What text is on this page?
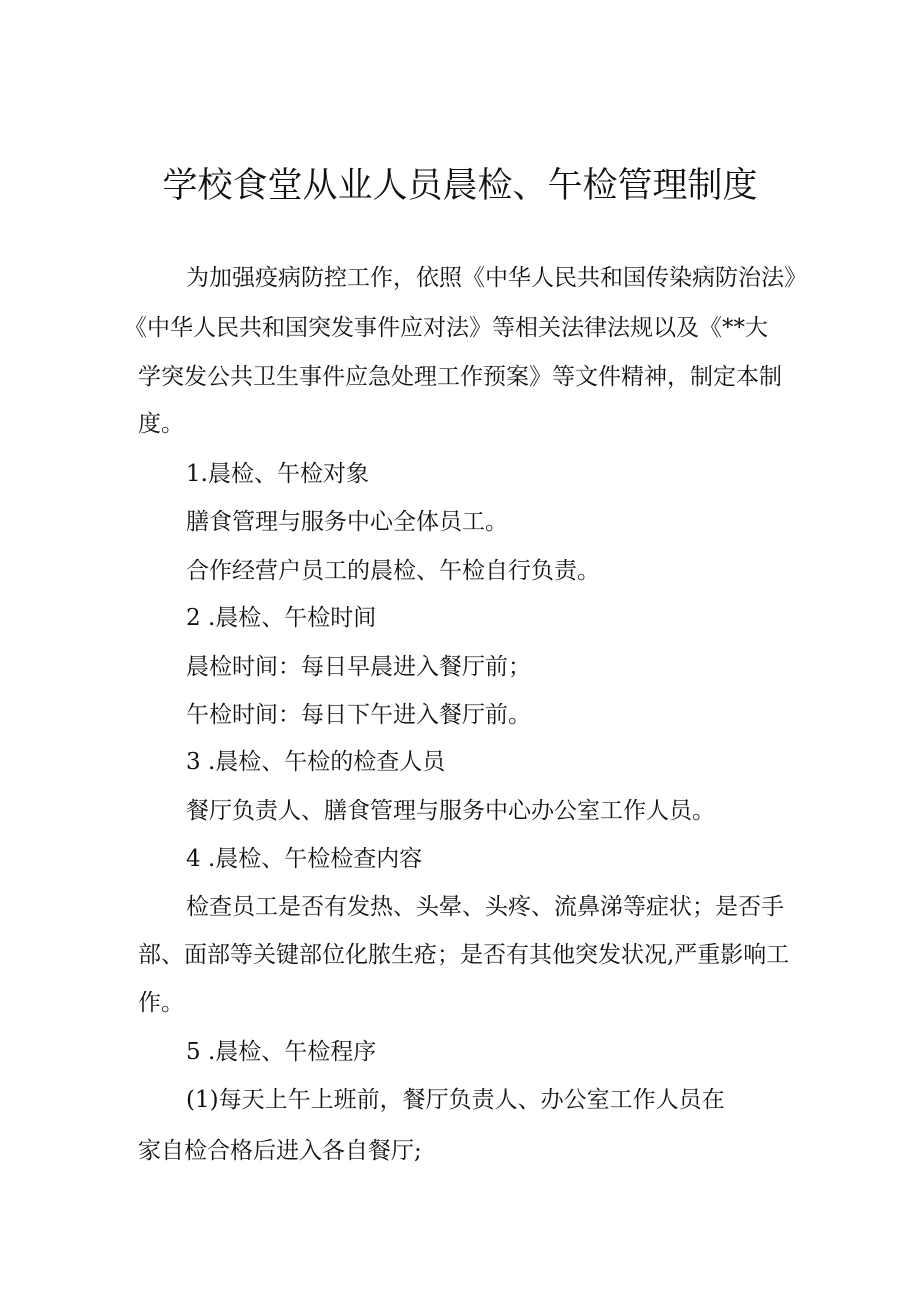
学校食堂从业人员晨检、午检管理制度
为加强疫病防控工作，依照《中华人民共和国传染病防治法》
《中华人民共和国突发事件应对法》等相关法律法规以及《**大
学突发公共卫生事件应急处理工作预案》等文件精神，制定本制
度。
1.晨检、午检对象
膳食管理与服务中心全体员工。
合作经营户员工的晨检、午检自行负责。
2 .晨检、午检时间
晨检时间：每日早晨进入餐厅前；
午检时间：每日下午进入餐厅前。
3 .晨检、午检的检查人员
餐厅负责人、膳食管理与服务中心办公室工作人员。
4 .晨检、午检检查内容
检查员工是否有发热、头晕、头疼、流鼻涕等症状；是否手
部、面部等关键部位化脓生疮；是否有其他突发状况,严重影响工
作。
5 .晨检、午检程序
(1)每天上午上班前，餐厅负责人、办公室工作人员在
家自检合格后进入各自餐厅;
